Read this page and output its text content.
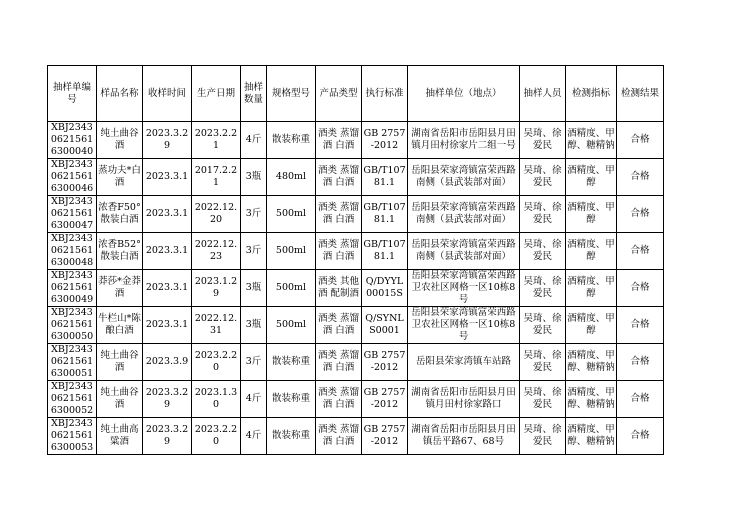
抽样单编号	样品名称	收样时间	生产日期	抽样数量	规格型号	产品类型	执行标准	抽样单位（地点）	抽样人员	检测指标	检测结果
XBJ234306215616300040	纯土曲谷酒	2023.3.29	2023.2.21	4斤	散装称重	酒类 蒸馏酒 白酒	GB 2757-2012	湖南省岳阳市岳阳县月田镇月田村徐家片二组一号	吴琦、徐爱民	酒精度、甲醇、糖精钠	合格
XBJ234306215616300046	蒸功夫*白酒	2023.3.1	2017.2.21	3瓶	480ml	酒类 蒸馏酒 白酒	GB/T10781.1	岳阳县荣家湾镇富荣西路南侧（县武装部对面）	吴琦、徐爱民	酒精度、甲醇	合格
XBJ234306215616300047	浓香F50°散装白酒	2023.3.1	2022.12.20	3斤	500ml	酒类 蒸馏酒 白酒	GB/T10781.1	岳阳县荣家湾镇富荣西路南侧（县武装部对面）	吴琦、徐爱民	酒精度、甲醇	合格
XBJ234306215616300048	浓香B52°散装白酒	2023.3.1	2022.12.23	3斤	500ml	酒类 蒸馏酒 白酒	GB/T10781.1	岳阳县荣家湾镇富荣西路南侧（县武装部对面）	吴琦、徐爱民	酒精度、甲醇	合格
XBJ234306215616300049	莽莎*金莽酒	2023.3.1	2023.1.29	3瓶	500ml	酒类 其他酒 配制酒	Q/DYYL00015S	岳阳县荣家湾镇富荣西路卫农社区网格一区10栋8号	吴琦、徐爱民	酒精度、甲醇	合格
XBJ234306215616300050	牛栏山*陈酿白酒	2023.3.1	2022.12.31	3瓶	500ml	酒类 蒸馏酒 白酒	Q/SYNLS0001	岳阳县荣家湾镇富荣西路卫农社区网格一区10栋8号	吴琦、徐爱民	酒精度、甲醇	合格
XBJ234306215616300051	纯土曲谷酒	2023.3.9	2023.2.20	3斤	散装称重	酒类 蒸馏酒 白酒	GB 2757-2012	岳阳县荣家湾镇车站路	吴琦、徐爱民	酒精度、甲醇、糖精钠	合格
XBJ234306215616300052	纯土曲谷酒	2023.3.29	2023.1.30	4斤	散装称重	酒类 蒸馏酒 白酒	GB 2757-2012	湖南省岳阳市岳阳县月田镇月田村徐家路口	吴琦、徐爱民	酒精度、甲醇、糖精钠	合格
XBJ234306215616300053	纯土曲高粱酒	2023.3.29	2023.2.20	4斤	散装称重	酒类 蒸馏酒 白酒	GB 2757-2012	湖南省岳阳市岳阳县月田镇岳平路67、68号	吴琦、徐爱民	酒精度、甲醇、糖精钠	合格
